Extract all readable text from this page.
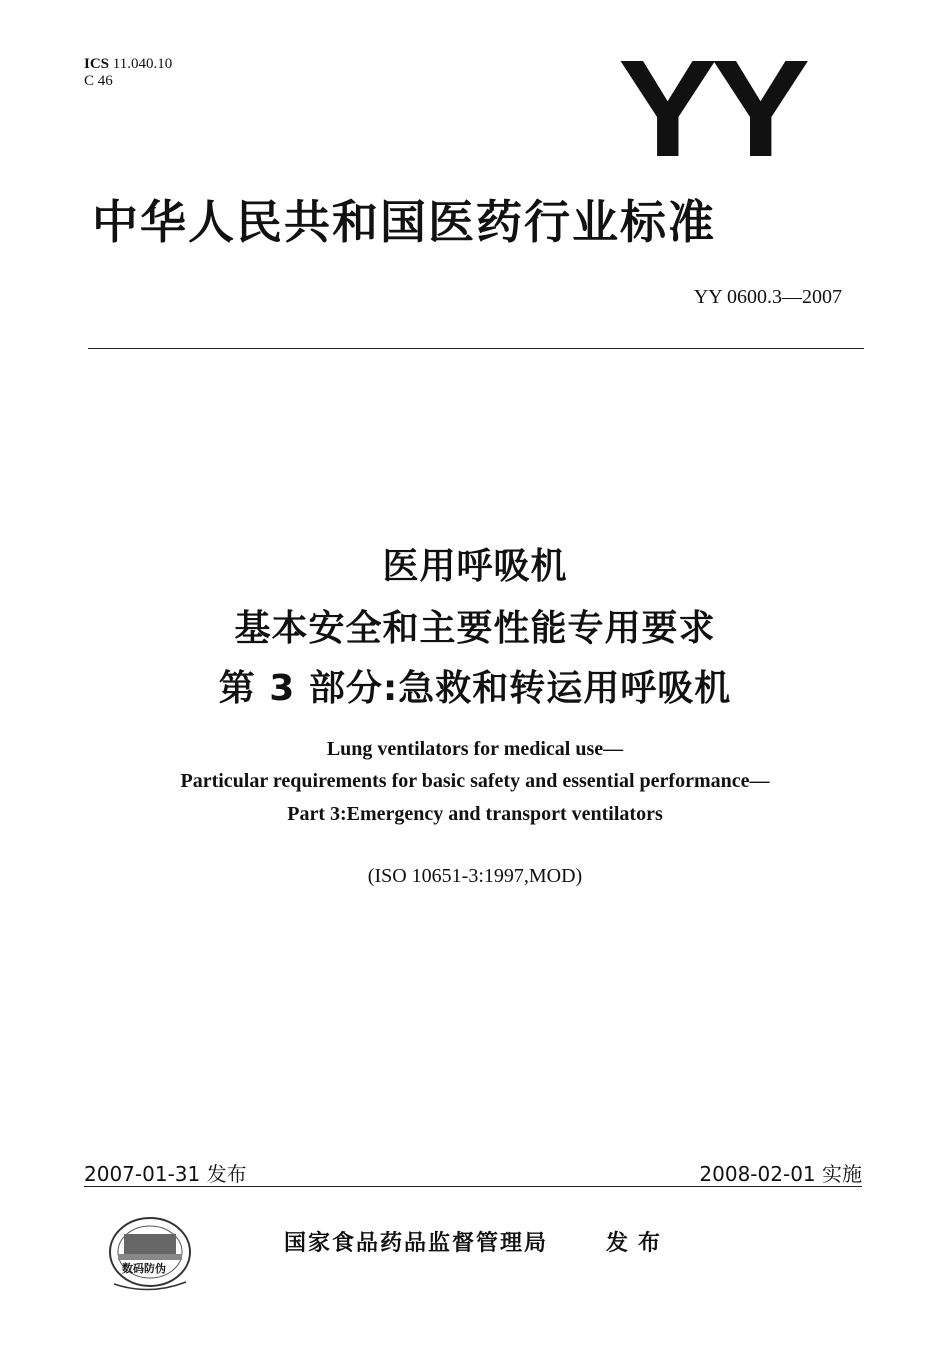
ICS 11.040.10
C 46	YY
中华人民共和国医药行业标准
YY 0600.3—2007
医用呼吸机
基本安全和主要性能专用要求
第 3 部分:急救和转运用呼吸机
Lung ventilators for medical use—
Particular requirements for basic safety and essential performance—
Part 3:Emergency and transport ventilators
(ISO 10651-3:1997,MOD)
2007-01-31 发布	2008-02-01 实施
数码防伪
国家食品药品监督管理局	发布
